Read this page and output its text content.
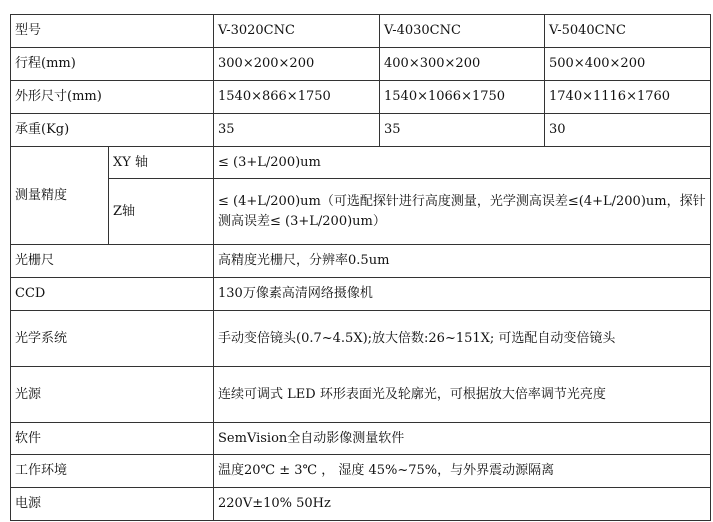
型号		V-3020CNC	V-4030CNC	V-5040CNC
行程(mm)		300×200×200	400×300×200	500×400×200
外形尺寸(mm)		1540×866×1750	1540×1066×1750	1740×1116×1760
承重(Kg)		35	35	30
测量精度	XY 轴	≤ (3+L/200)um		
	Z轴	≤ (4+L/200)um（可选配探针进行高度测量，光学测高误差≤(4+L/200)um，探针测高误差≤ (3+L/200)um）		
光栅尺		高精度光栅尺，分辨率0.5um		
CCD		130万像素高清网络摄像机		
光学系统		手动变倍镜头(0.7~4.5X);放大倍数:26~151X; 可选配自动变倍镜头		
光源		连续可调式 LED 环形表面光及轮廓光，可根据放大倍率调节光亮度		
软件		SemVision全自动影像测量软件		
工作环境		温度20℃ ± 3℃ ， 湿度 45%~75%，与外界震动源隔离		
电源		220V±10% 50Hz		
